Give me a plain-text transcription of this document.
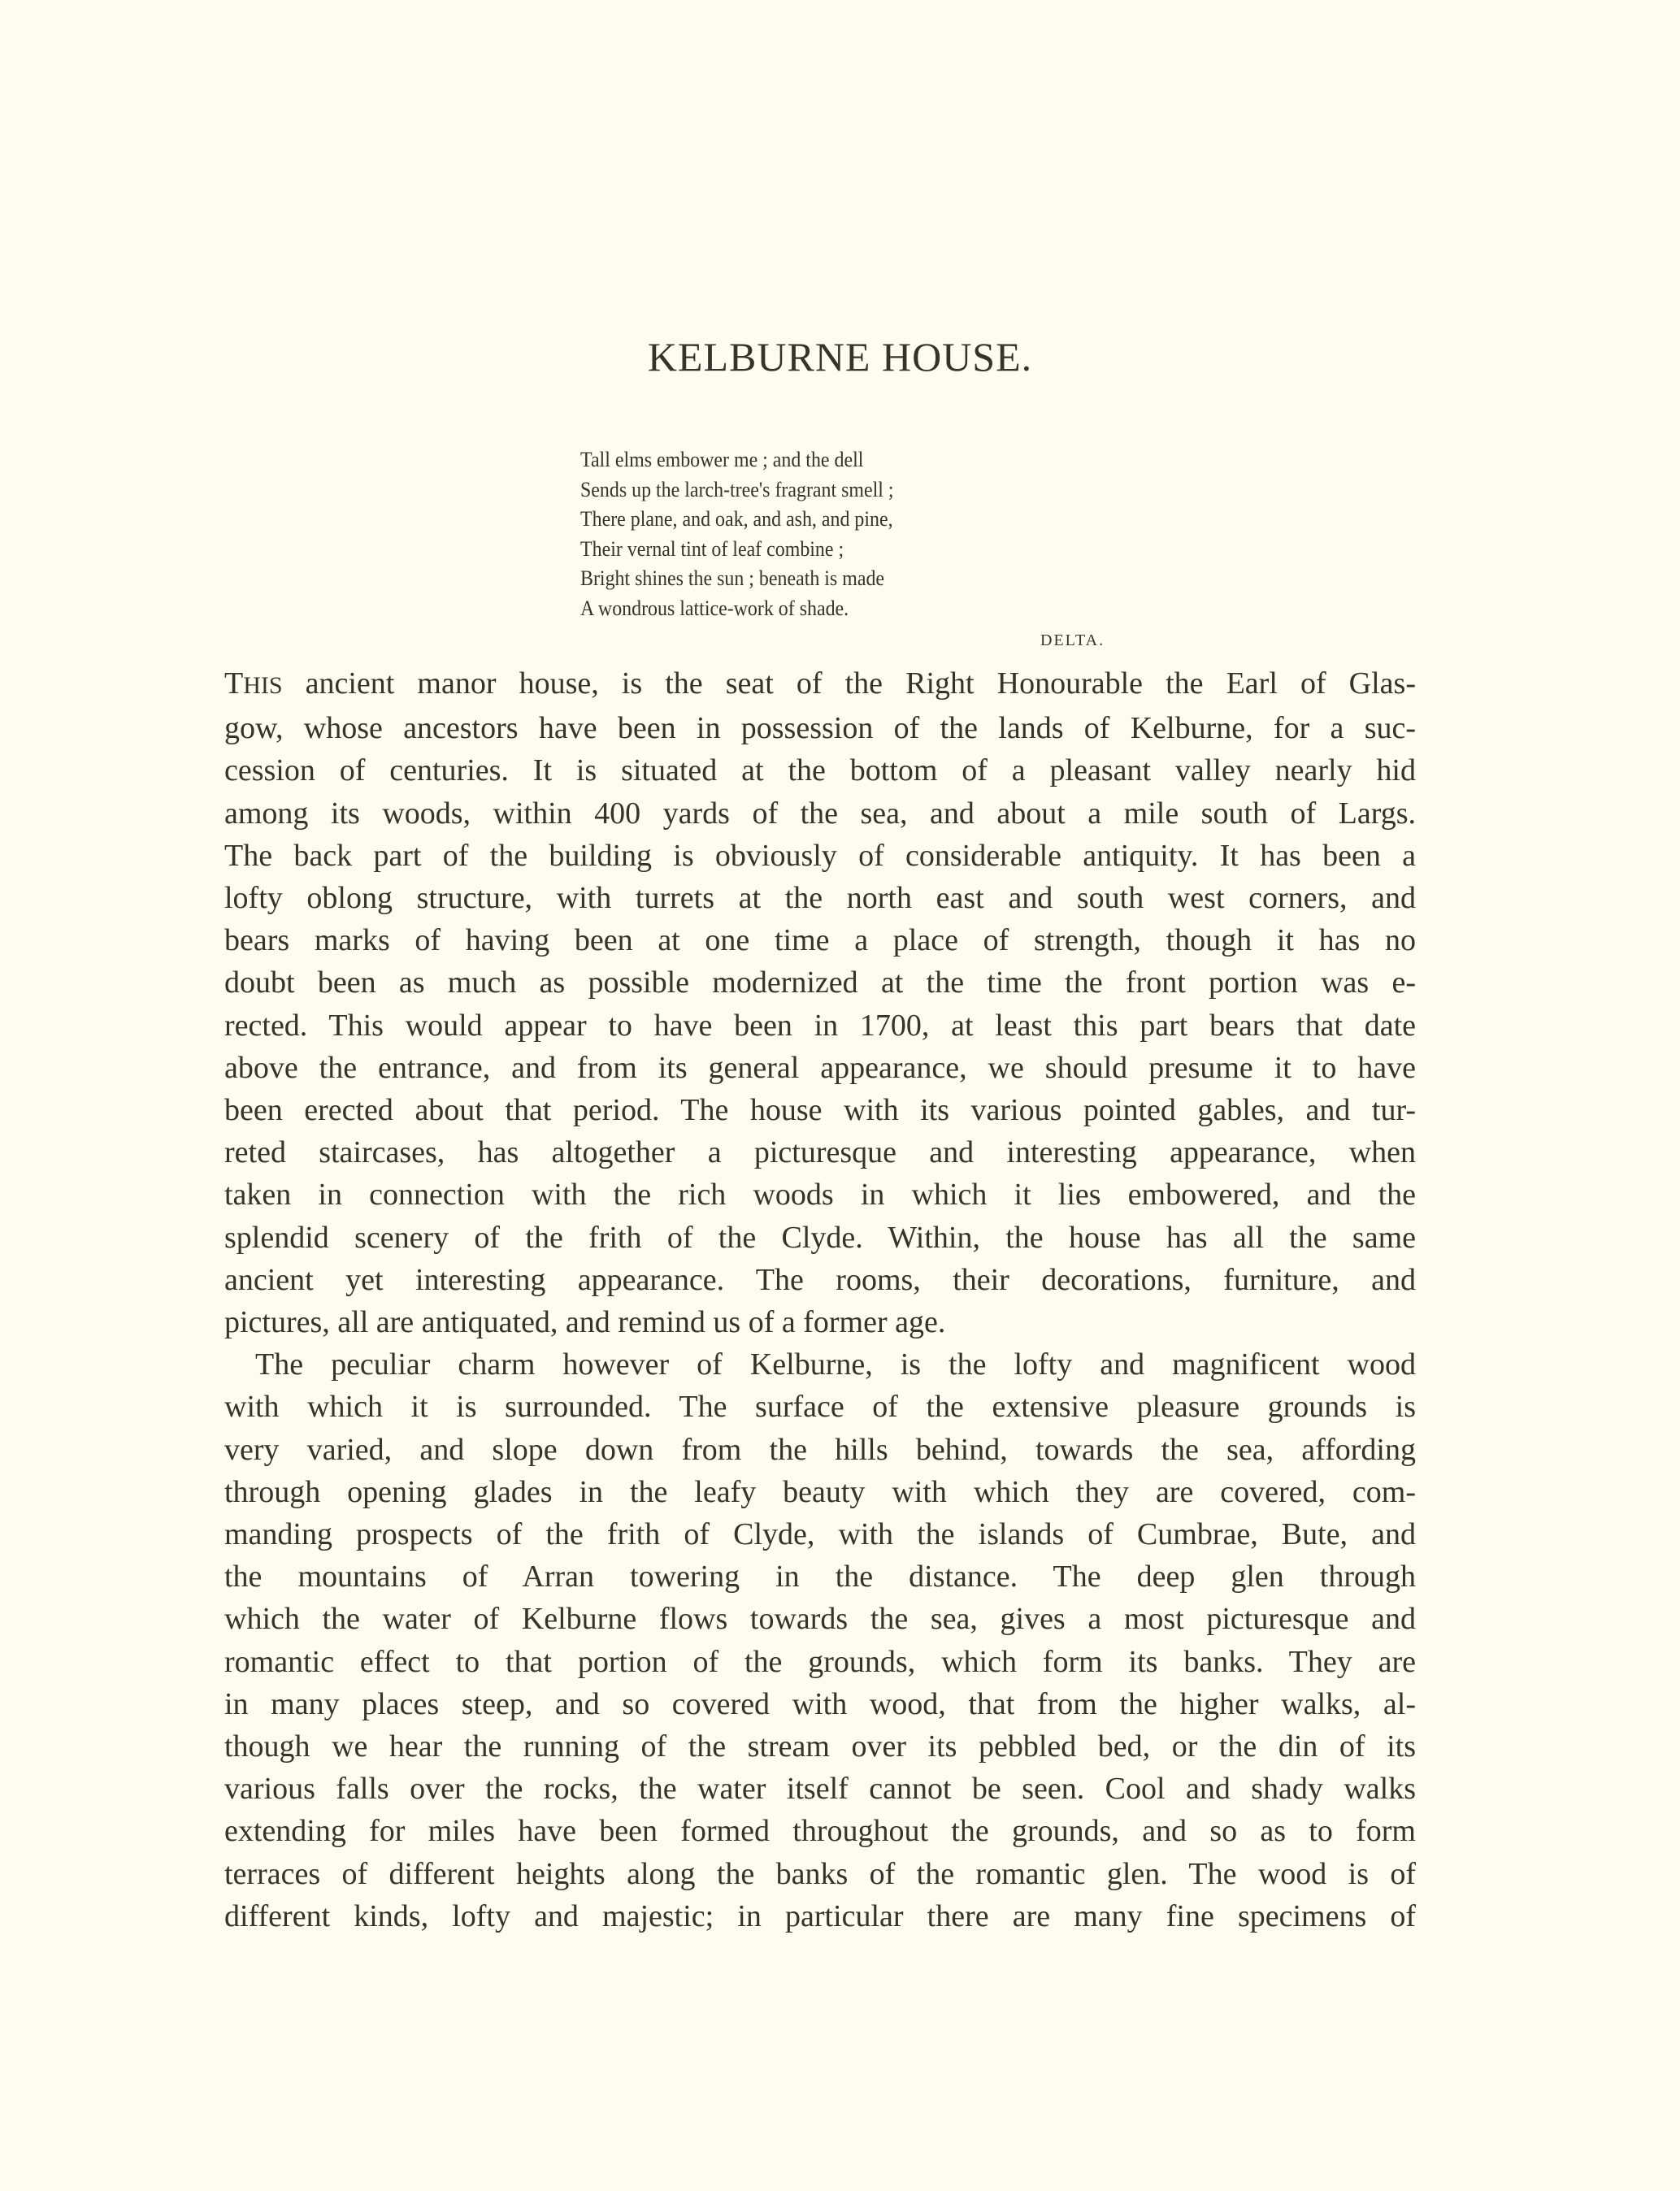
KELBURNE HOUSE.
Tall elms embower me ; and the dell
Sends up the larch-tree's fragrant smell ;
There plane, and oak, and ash, and pine,
Their vernal tint of leaf combine ;
Bright shines the sun ; beneath is made
A wondrous lattice-work of shade.
DELTA.
THIS ancient manor house, is the seat of the Right Honourable the Earl of Glas-
gow, whose ancestors have been in possession of the lands of Kelburne, for a suc-
cession of centuries. It is situated at the bottom of a pleasant valley nearly hid
among its woods, within 400 yards of the sea, and about a mile south of Largs.
The back part of the building is obviously of considerable antiquity. It has been a
lofty oblong structure, with turrets at the north east and south west corners, and
bears marks of having been at one time a place of strength, though it has no
doubt been as much as possible modernized at the time the front portion was e-
rected. This would appear to have been in 1700, at least this part bears that date
above the entrance, and from its general appearance, we should presume it to have
been erected about that period. The house with its various pointed gables, and tur-
reted staircases, has altogether a picturesque and interesting appearance, when
taken in connection with the rich woods in which it lies embowered, and the
splendid scenery of the frith of the Clyde. Within, the house has all the same
ancient yet interesting appearance. The rooms, their decorations, furniture, and
pictures, all are antiquated, and remind us of a former age.
The peculiar charm however of Kelburne, is the lofty and magnificent wood
with which it is surrounded. The surface of the extensive pleasure grounds is
very varied, and slope down from the hills behind, towards the sea, affording
through opening glades in the leafy beauty with which they are covered, com-
manding prospects of the frith of Clyde, with the islands of Cumbrae, Bute, and
the mountains of Arran towering in the distance. The deep glen through
which the water of Kelburne flows towards the sea, gives a most picturesque and
romantic effect to that portion of the grounds, which form its banks. They are
in many places steep, and so covered with wood, that from the higher walks, al-
though we hear the running of the stream over its pebbled bed, or the din of its
various falls over the rocks, the water itself cannot be seen. Cool and shady walks
extending for miles have been formed throughout the grounds, and so as to form
terraces of different heights along the banks of the romantic glen. The wood is of
different kinds, lofty and majestic; in particular there are many fine specimens of
